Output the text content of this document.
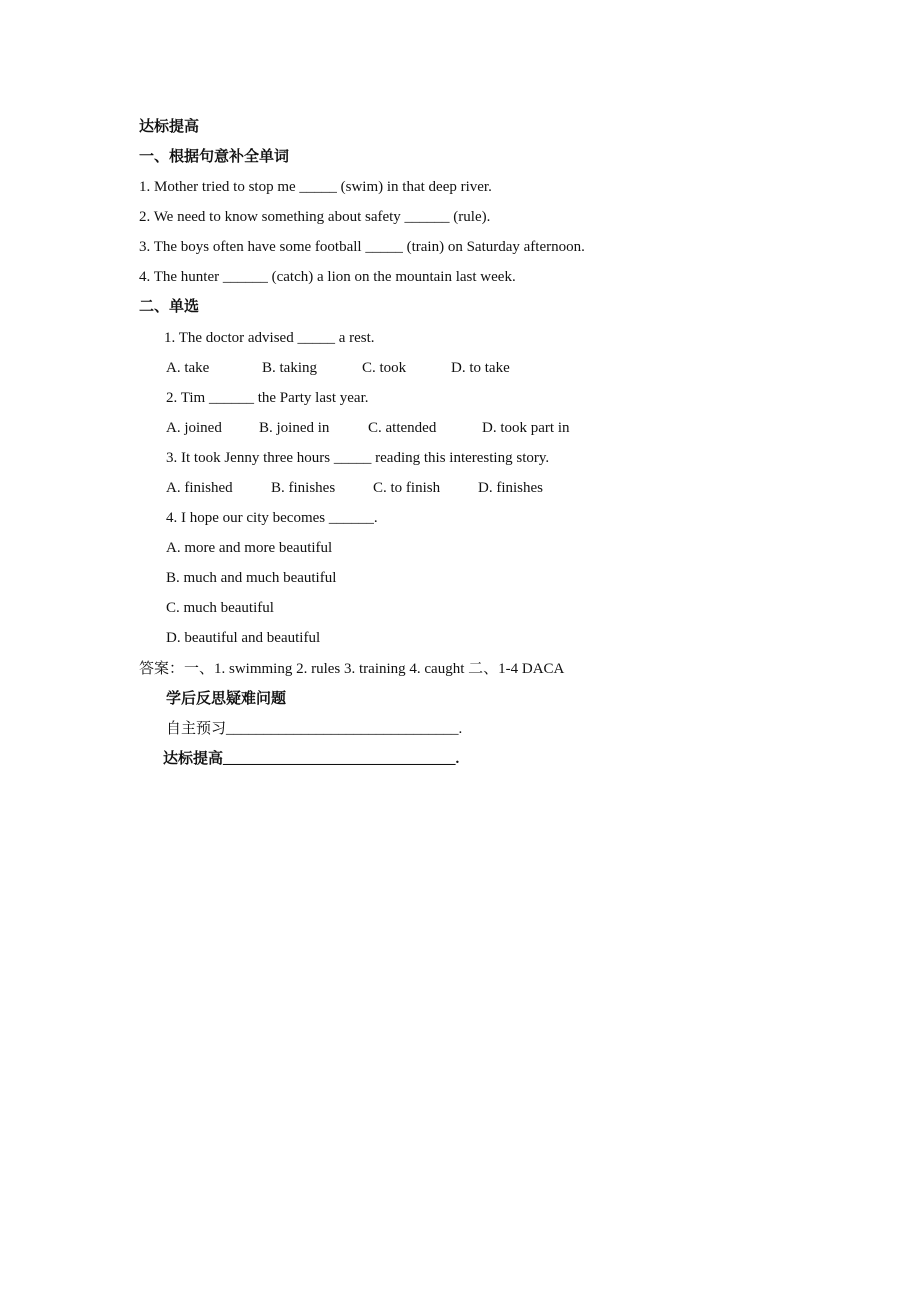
达标提高
一、根据句意补全单词
1. Mother tried to stop me _____ (swim) in that deep river.
2. We need to know something about safety ______ (rule).
3. The boys often have some football _____ (train) on Saturday afternoon.
4. The hunter ______ (catch) a lion on the mountain last week.
二、单选
1. The doctor advised _____ a rest.
A. take	B. taking	C. took	D. to take
2. Tim ______ the Party last year.
A. joined B. joined in	C. attended	D. took part in
3. It took Jenny three hours _____ reading this interesting story.
A. finished	B. finishes	C. to finish	D. finishes
4. I hope our city becomes ______.
A. more and more beautiful
B. much and much beautiful
C. much beautiful
D. beautiful and beautiful
答案：一、1. swimming 2. rules 3. training 4. caught 二、1-4 DACA
学后反思疑难问题
自主预习_______________________________.
达标提高_______________________________.
